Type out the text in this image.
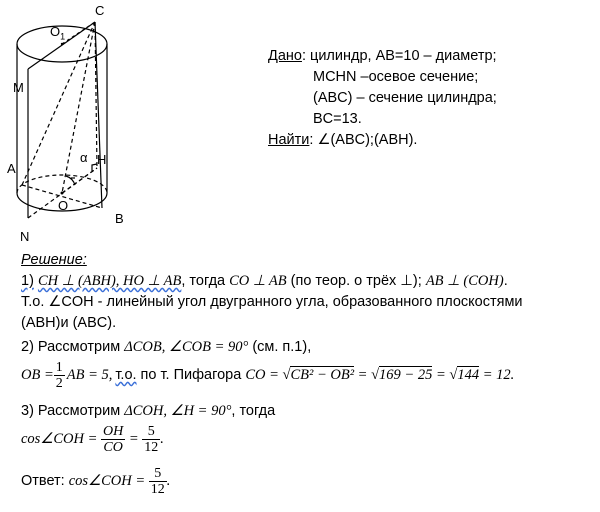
C
$O_1$
M
A
H
α
O
B
N
Дано: цилиндр, AB=10 – диаметр;
MCHN –осевое сечение;
(ABC) – сечение цилиндра;
BC=13.
Найти: ∠(ABC);(ABH).
Решение:
1) CH ⊥ (ABH), HO ⊥ AB, тогда CO ⊥ AB (по теор. о трёх ⊥); AB ⊥ (COH).
Т.о. ∠COH - линейный угол двугранного угла, образованного плоскостями
(ABH)и (ABC).
2) Рассмотрим ΔCOB, ∠COB = 90° (см. п.1),
OB = $\frac{1}{2}$ AB = 5, т.о. по т. Пифагора CO = √ CB² − OB² = √ 169 − 25 = √ 144 = 12.
3) Рассмотрим ΔCOH, ∠H = 90°, тогда
cos∠COH = $\frac{OH}{CO} = \frac{5}{12}$ .
Ответ: cos∠COH = $\frac{5}{12}$ .
